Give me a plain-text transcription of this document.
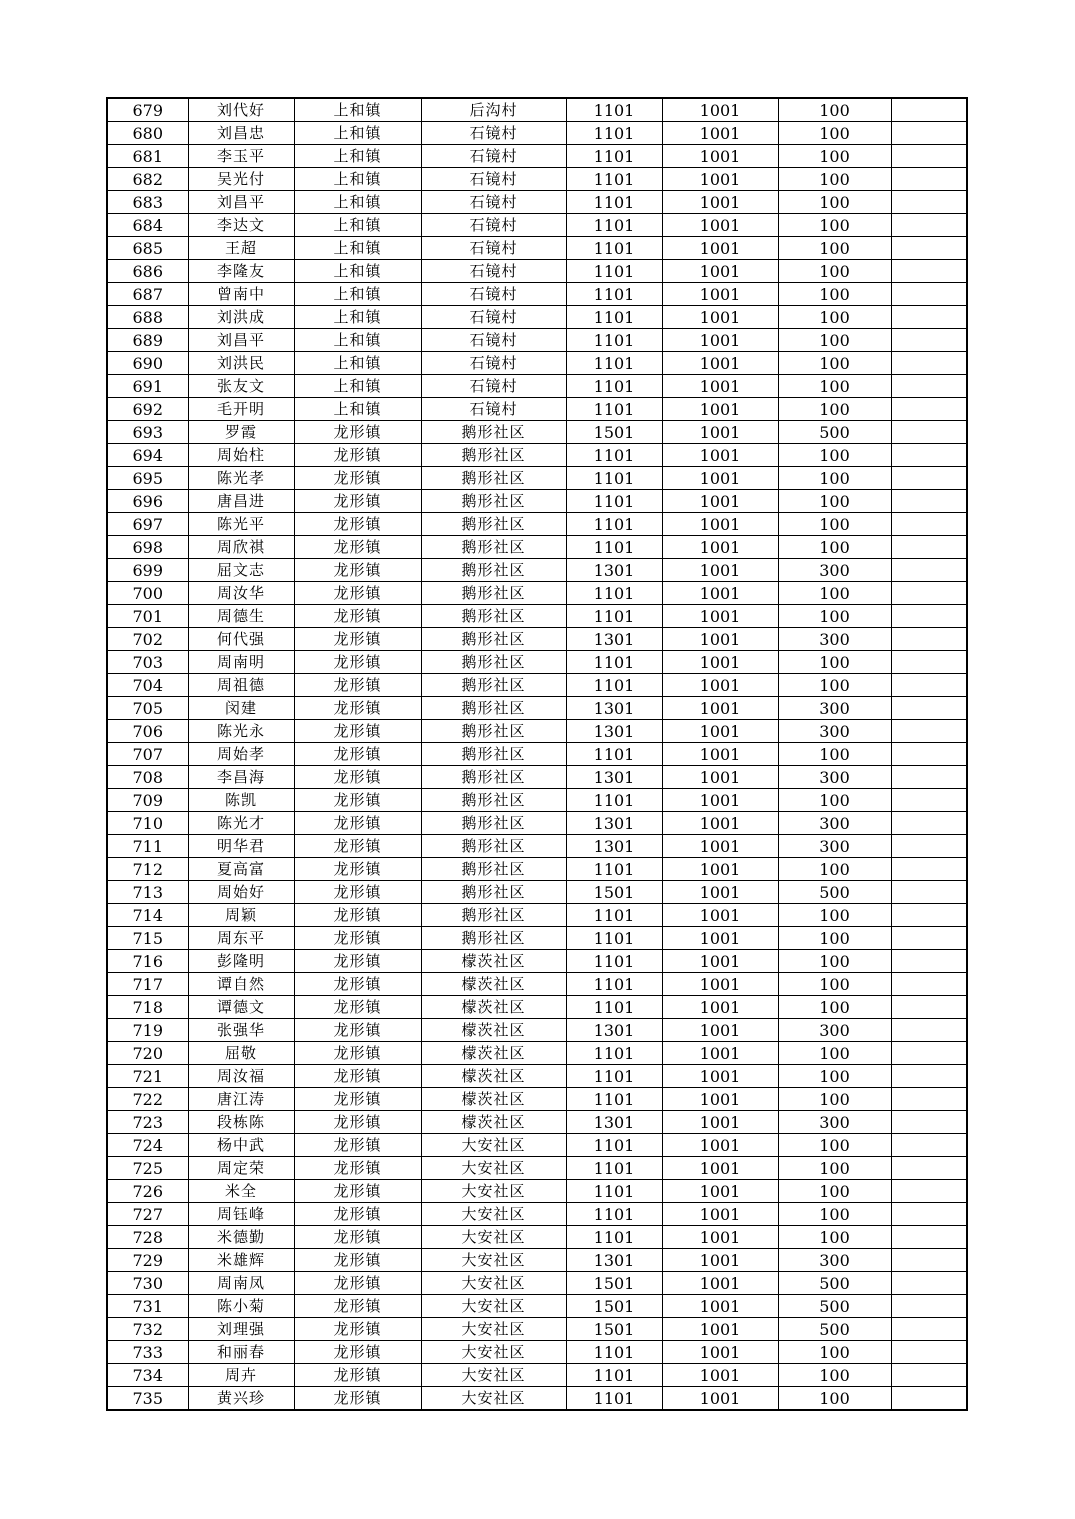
679	刘代好	上和镇	后沟村	1101	1001	100	
680	刘昌忠	上和镇	石镜村	1101	1001	100	
681	李玉平	上和镇	石镜村	1101	1001	100	
682	吴光付	上和镇	石镜村	1101	1001	100	
683	刘昌平	上和镇	石镜村	1101	1001	100	
684	李达文	上和镇	石镜村	1101	1001	100	
685	王超	上和镇	石镜村	1101	1001	100	
686	李隆友	上和镇	石镜村	1101	1001	100	
687	曾南中	上和镇	石镜村	1101	1001	100	
688	刘洪成	上和镇	石镜村	1101	1001	100	
689	刘昌平	上和镇	石镜村	1101	1001	100	
690	刘洪民	上和镇	石镜村	1101	1001	100	
691	张友文	上和镇	石镜村	1101	1001	100	
692	毛开明	上和镇	石镜村	1101	1001	100	
693	罗霞	龙形镇	鹅形社区	1501	1001	500	
694	周始柱	龙形镇	鹅形社区	1101	1001	100	
695	陈光孝	龙形镇	鹅形社区	1101	1001	100	
696	唐昌进	龙形镇	鹅形社区	1101	1001	100	
697	陈光平	龙形镇	鹅形社区	1101	1001	100	
698	周欣祺	龙形镇	鹅形社区	1101	1001	100	
699	屈文志	龙形镇	鹅形社区	1301	1001	300	
700	周汝华	龙形镇	鹅形社区	1101	1001	100	
701	周德生	龙形镇	鹅形社区	1101	1001	100	
702	何代强	龙形镇	鹅形社区	1301	1001	300	
703	周南明	龙形镇	鹅形社区	1101	1001	100	
704	周祖德	龙形镇	鹅形社区	1101	1001	100	
705	闵建	龙形镇	鹅形社区	1301	1001	300	
706	陈光永	龙形镇	鹅形社区	1301	1001	300	
707	周始孝	龙形镇	鹅形社区	1101	1001	100	
708	李昌海	龙形镇	鹅形社区	1301	1001	300	
709	陈凯	龙形镇	鹅形社区	1101	1001	100	
710	陈光才	龙形镇	鹅形社区	1301	1001	300	
711	明华君	龙形镇	鹅形社区	1301	1001	300	
712	夏高富	龙形镇	鹅形社区	1101	1001	100	
713	周始好	龙形镇	鹅形社区	1501	1001	500	
714	周颖	龙形镇	鹅形社区	1101	1001	100	
715	周东平	龙形镇	鹅形社区	1101	1001	100	
716	彭隆明	龙形镇	檬茨社区	1101	1001	100	
717	谭自然	龙形镇	檬茨社区	1101	1001	100	
718	谭德文	龙形镇	檬茨社区	1101	1001	100	
719	张强华	龙形镇	檬茨社区	1301	1001	300	
720	屈敬	龙形镇	檬茨社区	1101	1001	100	
721	周汝福	龙形镇	檬茨社区	1101	1001	100	
722	唐江涛	龙形镇	檬茨社区	1101	1001	100	
723	段栋陈	龙形镇	檬茨社区	1301	1001	300	
724	杨中武	龙形镇	大安社区	1101	1001	100	
725	周定荣	龙形镇	大安社区	1101	1001	100	
726	米全	龙形镇	大安社区	1101	1001	100	
727	周钰峰	龙形镇	大安社区	1101	1001	100	
728	米德勤	龙形镇	大安社区	1101	1001	100	
729	米雄辉	龙形镇	大安社区	1301	1001	300	
730	周南凤	龙形镇	大安社区	1501	1001	500	
731	陈小菊	龙形镇	大安社区	1501	1001	500	
732	刘理强	龙形镇	大安社区	1501	1001	500	
733	和丽春	龙形镇	大安社区	1101	1001	100	
734	周卉	龙形镇	大安社区	1101	1001	100	
735	黄兴珍	龙形镇	大安社区	1101	1001	100	
